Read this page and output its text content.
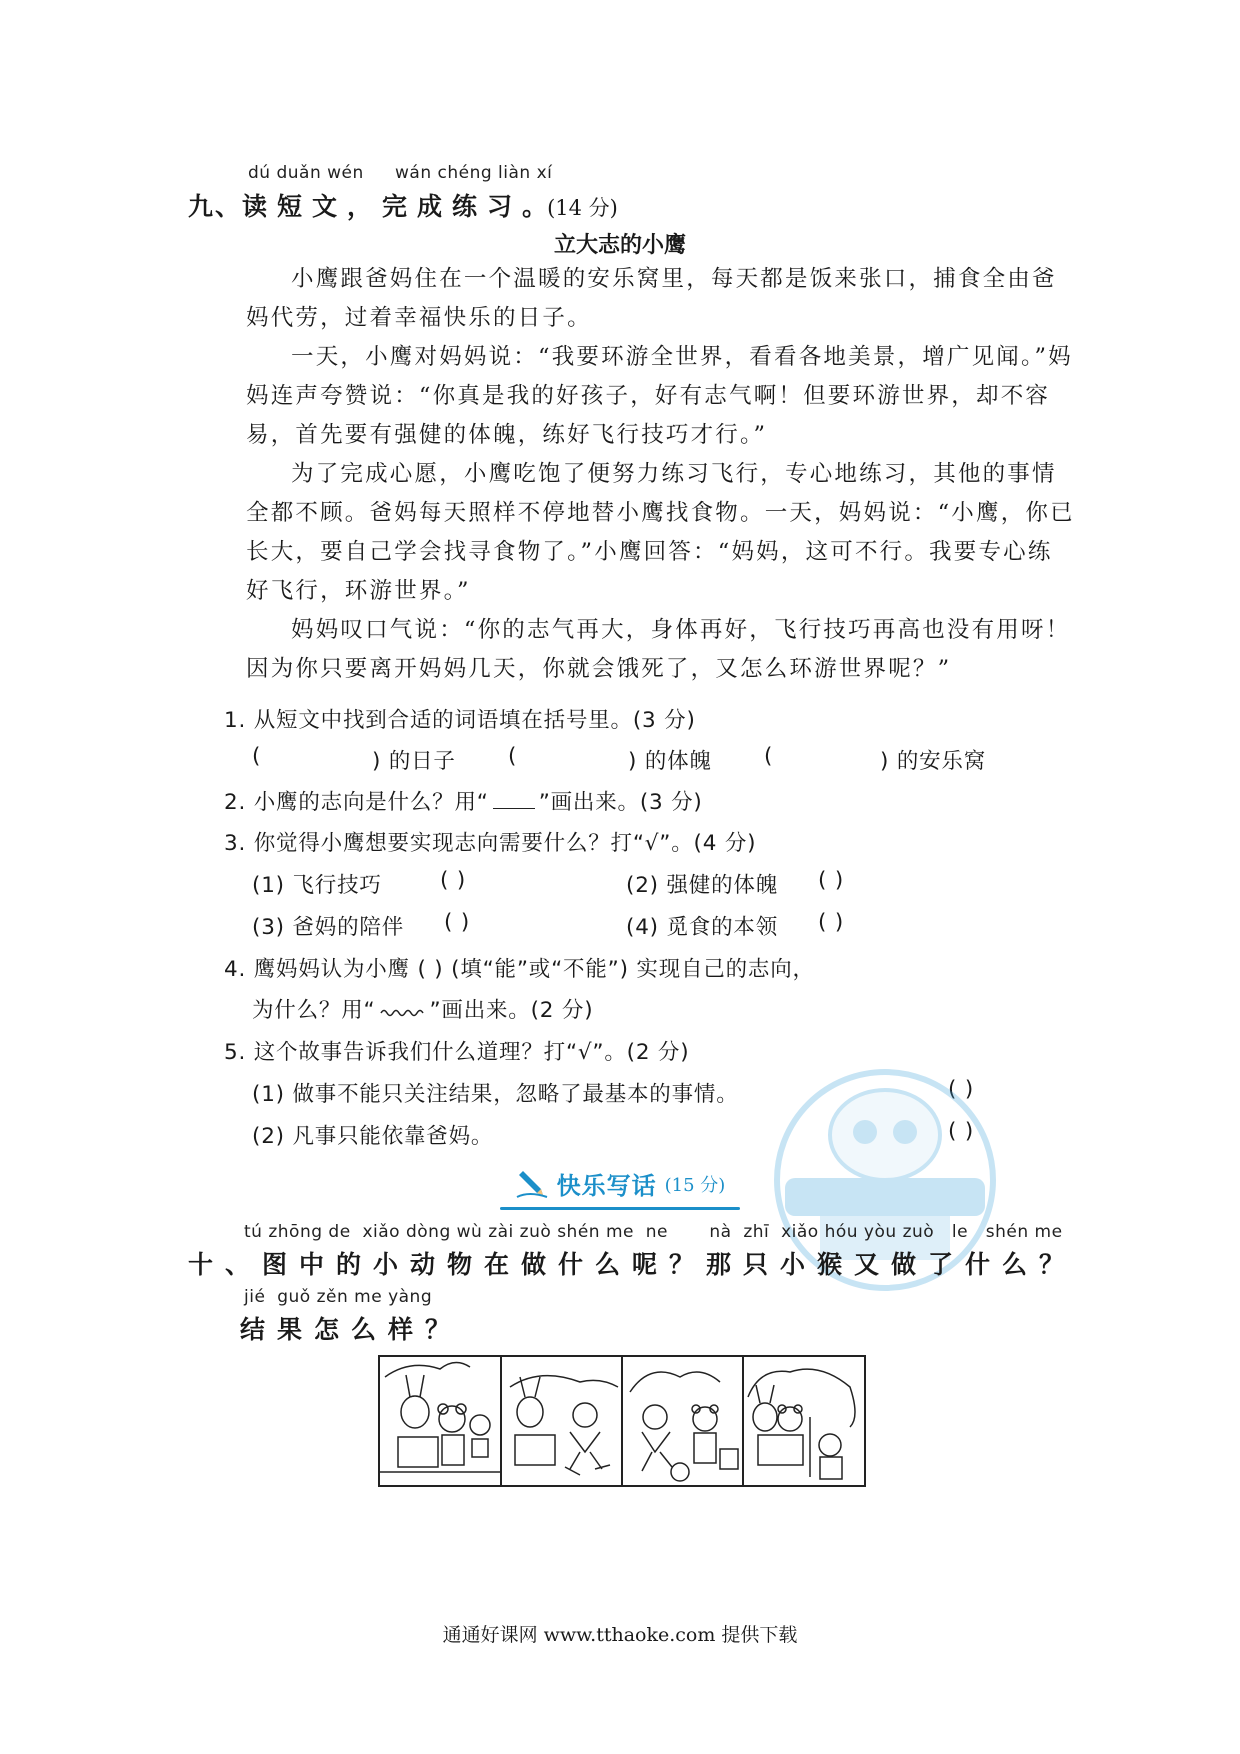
dú duǎn wén wán chéng liàn xí
九、读短文，完成练习。(14 分)
立大志的小鹰

小鹰跟爸妈住在一个温暖的安乐窝里，每天都是饭来张口，捕食全由爸妈代劳，过着幸福快乐的日子。

一天，小鹰对妈妈说：“我要环游全世界，看看各地美景，增广见闻。”妈妈连声夸赞说：“你真是我的好孩子，好有志气啊！但要环游世界，却不容易，首先要有强健的体魄，练好飞行技巧才行。”

为了完成心愿，小鹰吃饱了便努力练习飞行，专心地练习，其他的事情全都不顾。爸妈每天照样不停地替小鹰找食物。一天，妈妈说：“小鹰，你已长大，要自己学会找寻食物了。”小鹰回答：“妈妈，这可不行。我要专心练好飞行，环游世界。”

妈妈叹口气说：“你的志气再大，身体再好，飞行技巧再高也没有用呀！因为你只要离开妈妈几天，你就会饿死了，又怎么环游世界呢？”

1. 从短文中找到合适的词语填在括号里。(3 分)
(	) 的日子 (	) 的体魄 (	) 的安乐窝
2. 小鹰的志向是什么？用“ ”画出来。(3 分)
3. 你觉得小鹰想要实现志向需要什么？打“√”。(4 分)
(1) 飞行技巧	( )	(2) 强健的体魄 ( )
(3) 爸妈的陪伴 ( )	(4) 觅食的本领 ( )
4. 鹰妈妈认为小鹰 ( ) (填“能”或“不能”) 实现自己的志向，
为什么？用“	”画出来。(2 分)
5. 这个故事告诉我们什么道理？打“√”。(2 分)
(1) 做事不能只关注结果，忽略了最基本的事情。	( )
(2) 凡事只能依靠爸妈。	( )
快乐写话 (15 分)
tú zhōng de  xiǎo dòng wù zài zuò shén me  ne       nà  zhī  xiǎo hóu yòu zuò   le   shén me
十、图中的小动物在做什么呢？那只小猴又做了什么？
jié  guǒ zěn me yàng
结果怎么样？
通通好课网 www.tthaoke.com 提供下载
